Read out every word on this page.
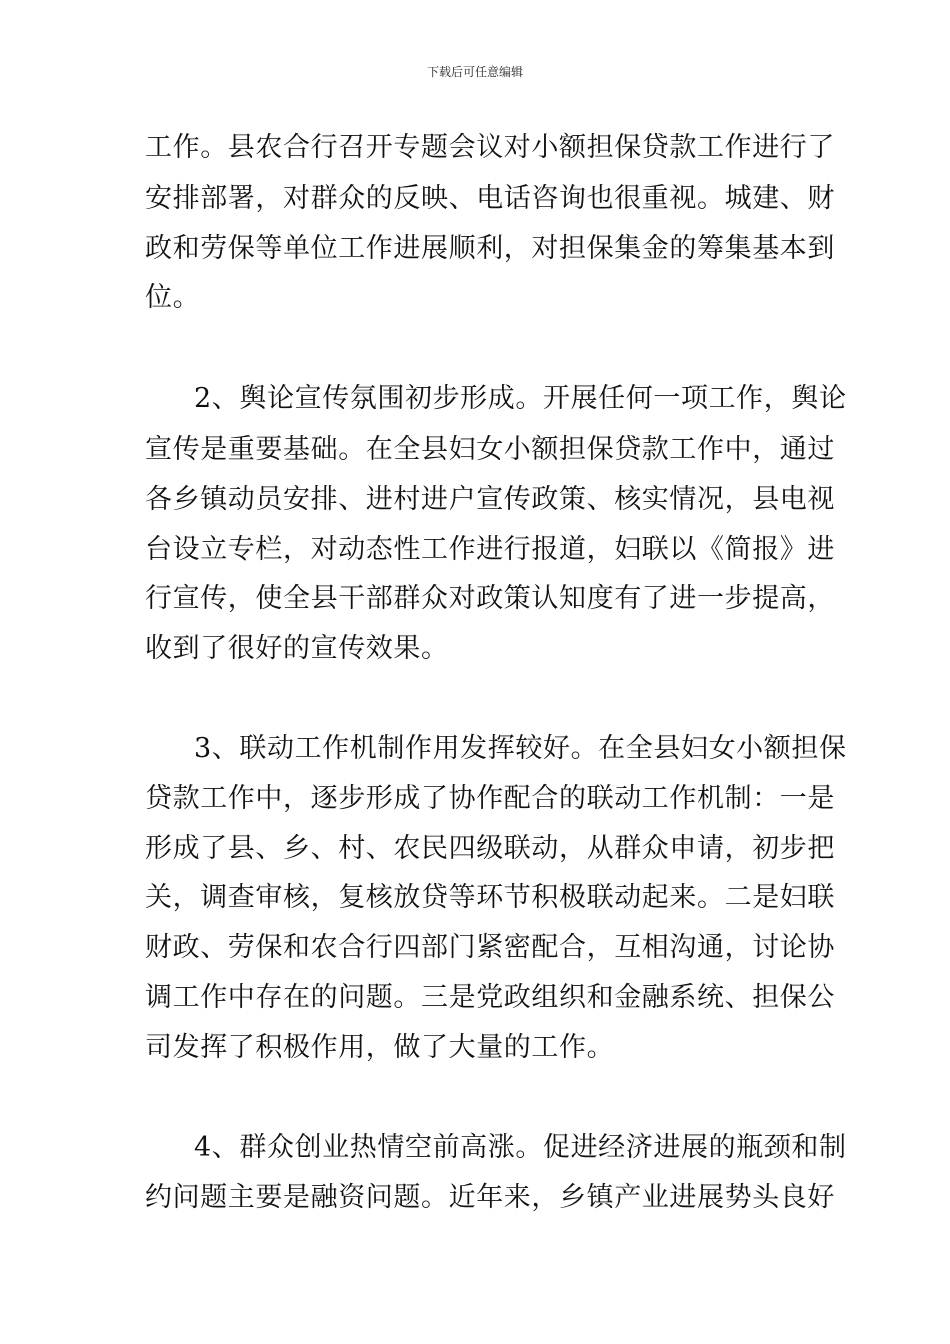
下载后可任意编辑
工作。县农合行召开专题会议对小额担保贷款工作进行了
安排部署，对群众的反映、电话咨询也很重视。城建、财
政和劳保等单位工作进展顺利，对担保集金的筹集基本到
位。
2、舆论宣传氛围初步形成。开展任何一项工作，舆论
宣传是重要基础。在全县妇女小额担保贷款工作中，通过
各乡镇动员安排、进村进户宣传政策、核实情况，县电视
台设立专栏，对动态性工作进行报道，妇联以《简报》进
行宣传，使全县干部群众对政策认知度有了进一步提高，
收到了很好的宣传效果。
3、联动工作机制作用发挥较好。在全县妇女小额担保
贷款工作中，逐步形成了协作配合的联动工作机制：一是
形成了县、乡、村、农民四级联动，从群众申请，初步把
关，调查审核，复核放贷等环节积极联动起来。二是妇联
财政、劳保和农合行四部门紧密配合，互相沟通，讨论协
调工作中存在的问题。三是党政组织和金融系统、担保公
司发挥了积极作用，做了大量的工作。
4、群众创业热情空前高涨。促进经济进展的瓶颈和制
约问题主要是融资问题。近年来，乡镇产业进展势头良好
